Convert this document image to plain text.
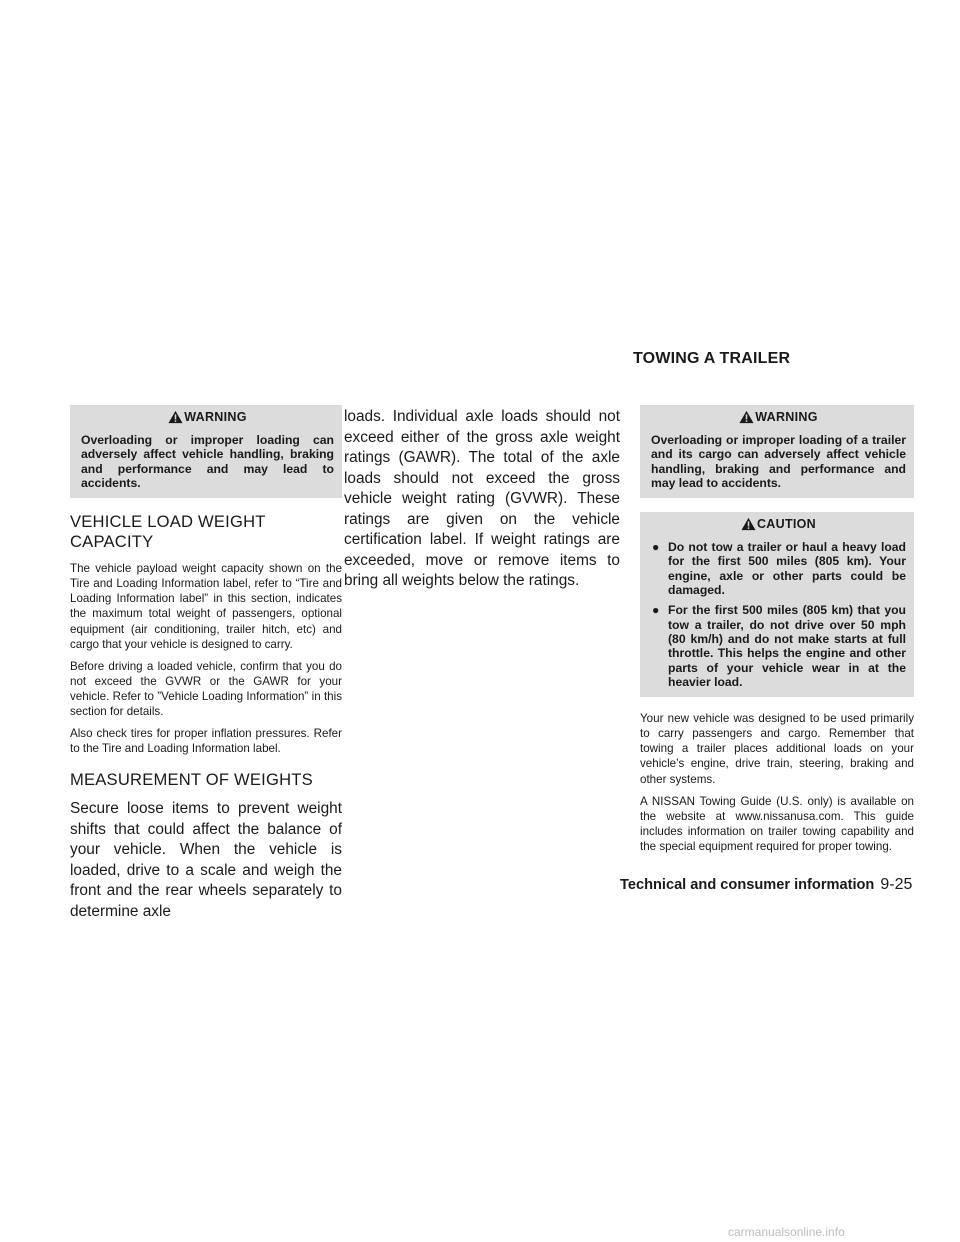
TOWING A TRAILER
WARNING

Overloading or improper loading can adversely affect vehicle handling, braking and performance and may lead to accidents.

VEHICLE LOAD WEIGHT CAPACITY

The vehicle payload weight capacity shown on the Tire and Loading Information label, refer to “Tire and Loading Information label” in this section, indicates the maximum total weight of passengers, optional equipment (air conditioning, trailer hitch, etc) and cargo that your vehicle is designed to carry.

Before driving a loaded vehicle, confirm that you do not exceed the GVWR or the GAWR for your vehicle. Refer to ”Vehicle Loading Information” in this section for details.

Also check tires for proper inflation pressures. Refer to the Tire and Loading Information label.

MEASUREMENT OF WEIGHTS

Secure loose items to prevent weight shifts that could affect the balance of your vehicle. When the vehicle is loaded, drive to a scale and weigh the front and the rear wheels separately to determine axle

loads. Individual axle loads should not exceed either of the gross axle weight ratings (GAWR). The total of the axle loads should not exceed the gross vehicle weight rating (GVWR). These ratings are given on the vehicle certification label. If weight ratings are exceeded, move or remove items to bring all weights below the ratings.

WARNING

Overloading or improper loading of a trailer and its cargo can adversely affect vehicle handling, braking and performance and may lead to accidents.

CAUTION
● Do not tow a trailer or haul a heavy load for the first 500 miles (805 km). Your engine, axle or other parts could be damaged.
● For the first 500 miles (805 km) that you tow a trailer, do not drive over 50 mph (80 km/h) and do not make starts at full throttle. This helps the engine and other parts of your vehicle wear in at the heavier load.

Your new vehicle was designed to be used primarily to carry passengers and cargo. Remember that towing a trailer places additional loads on your vehicle’s engine, drive train, steering, braking and other systems.

A NISSAN Towing Guide (U.S. only) is available on the website at www.nissanusa.com. This guide includes information on trailer towing capability and the special equipment required for proper towing.

Technical and consumer information 9-25
carmanualsonline.info
